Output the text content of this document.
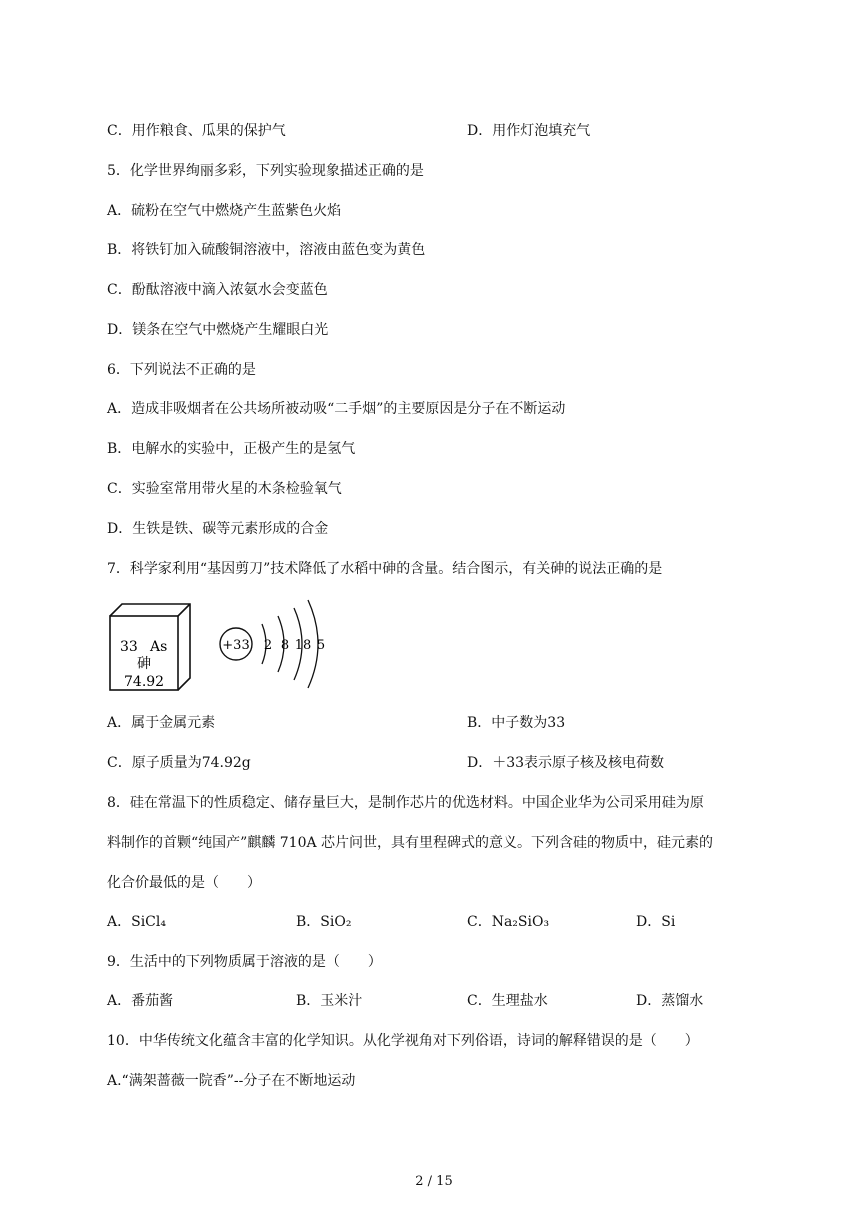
C．用作粮食、瓜果的保护气	D．用作灯泡填充气
5．化学世界绚丽多彩，下列实验现象描述正确的是
A．硫粉在空气中燃烧产生蓝紫色火焰
B．将铁钉加入硫酸铜溶液中，溶液由蓝色变为黄色
C．酚酞溶液中滴入浓氨水会变蓝色
D．镁条在空气中燃烧产生耀眼白光
6．下列说法不正确的是
A．造成非吸烟者在公共场所被动吸“二手烟”的主要原因是分子在不断运动
B．电解水的实验中，正极产生的是氢气
C．实验室常用带火星的木条检验氧气
D．生铁是铁、碳等元素形成的合金
7．科学家利用“基因剪刀”技术降低了水稻中砷的含量。结合图示，有关砷的说法正确的是
33 As
砷
74.92
+33 2 8 18 5
A．属于金属元素	B．中子数为33
C．原子质量为74.92g	D．＋33表示原子核及核电荷数
8．硅在常温下的性质稳定、储存量巨大，是制作芯片的优选材料。中国企业华为公司采用硅为原
料制作的首颗“纯国产”麒麟 710A 芯片问世，具有里程碑式的意义。下列含硅的物质中，硅元素的
化合价最低的是（　　）
A．SiCl₄	B．SiO₂	C．Na₂SiO₃	D．Si
9．生活中的下列物质属于溶液的是（　　）
A．番茄酱	B．玉米汁	C．生理盐水	D．蒸馏水
10．中华传统文化蕴含丰富的化学知识。从化学视角对下列俗语，诗词的解释错误的是（　　）
A.“满架蔷薇一院香”--分子在不断地运动
2 / 15
